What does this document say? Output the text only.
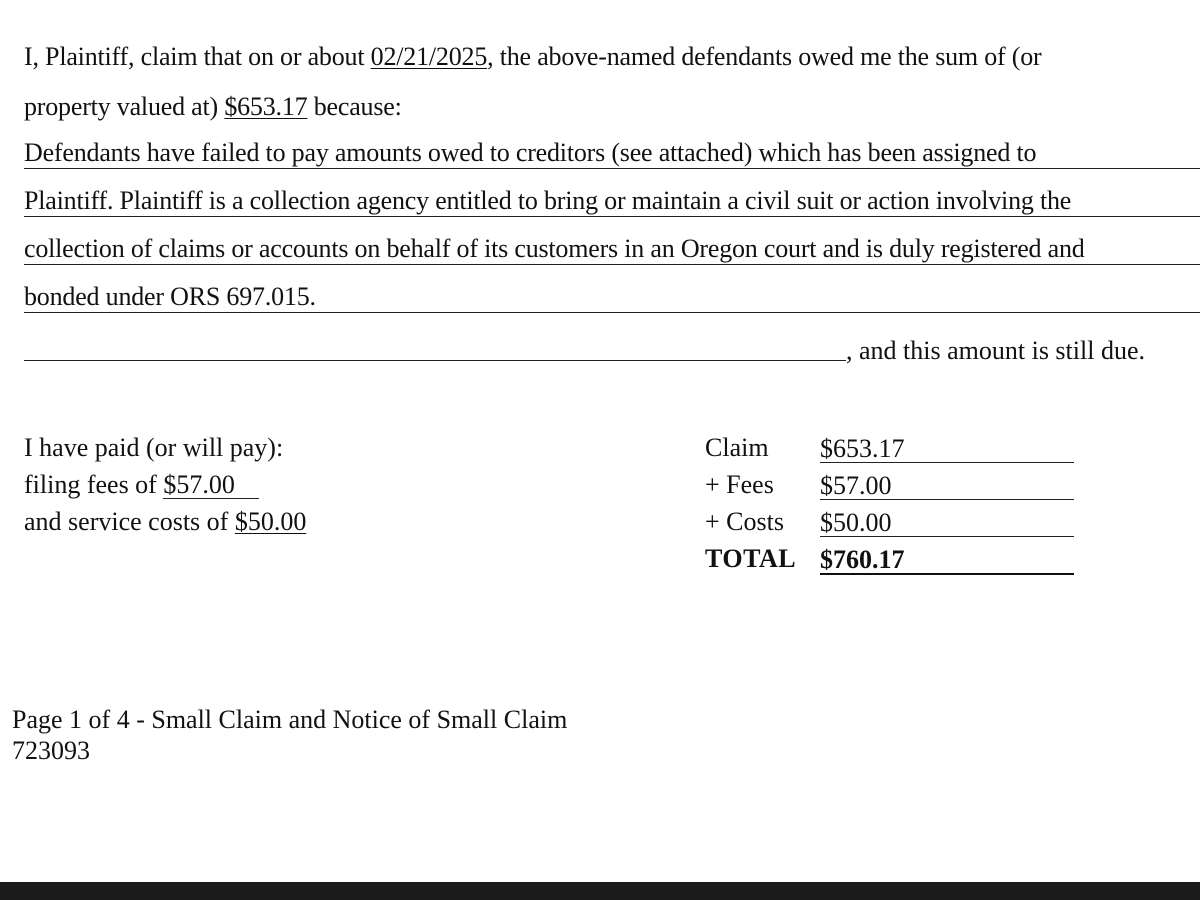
I, Plaintiff, claim that on or about 02/21/2025, the above-named defendants owed me the sum of (or
property valued at) $653.17 because:
Defendants have failed to pay amounts owed to creditors (see attached) which has been assigned to
Plaintiff. Plaintiff is a collection agency entitled to bring or maintain a civil suit or action involving the
collection of claims or accounts on behalf of its customers in an Oregon court and is duly registered and
bonded under ORS 697.015.
, and this amount is still due.
I have paid (or will pay):
filing fees of $57.00
and service costs of $50.00
Claim $653.17
+ Fees $57.00
+ Costs $50.00
TOTAL $760.17
Page 1 of 4 - Small Claim and Notice of Small Claim
723093
